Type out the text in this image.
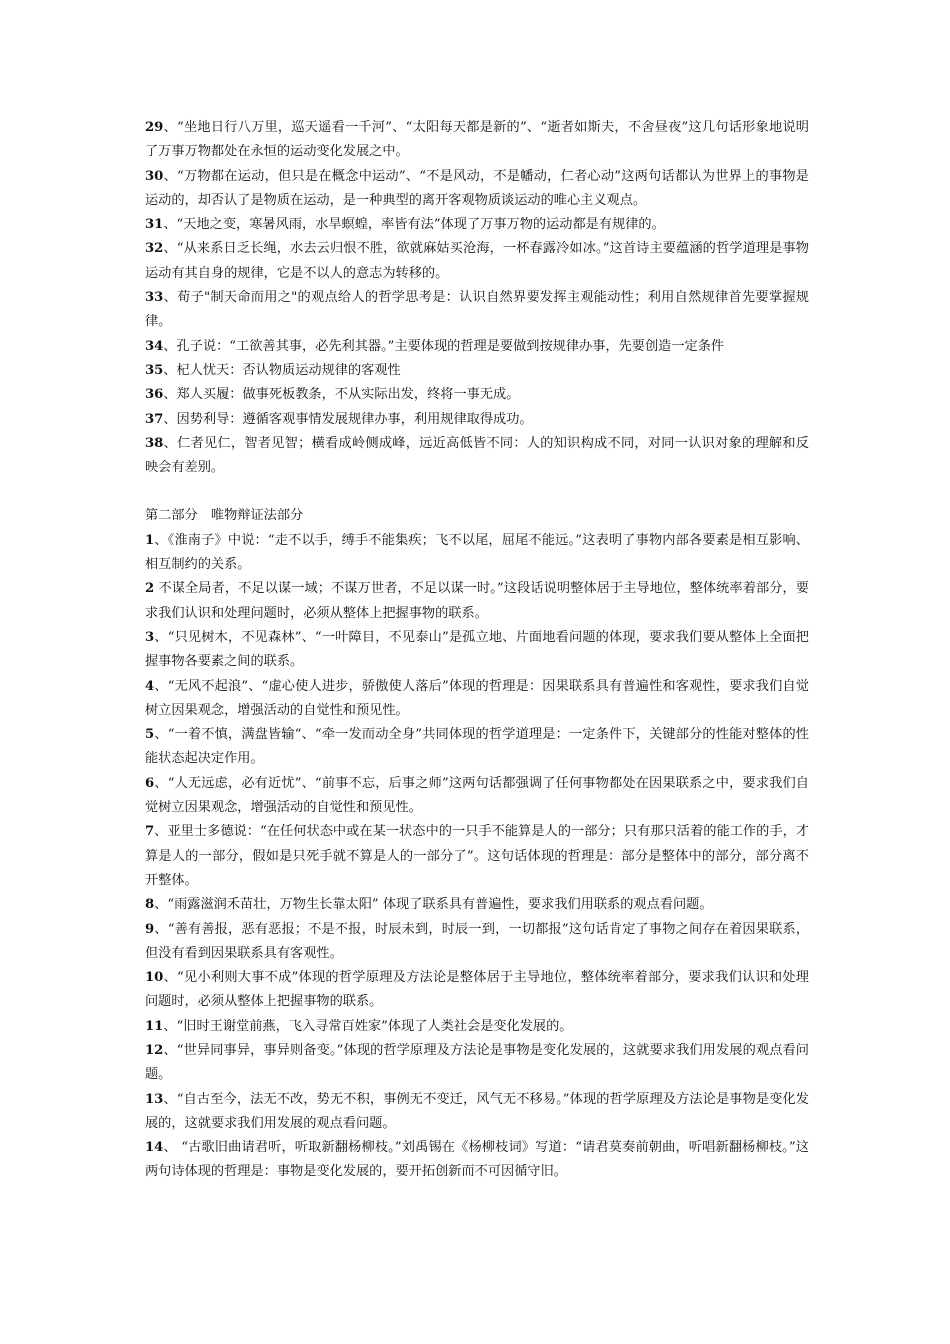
29、“坐地日行八万里，巡天遥看一千河”、“太阳每天都是新的”、“逝者如斯夫，不舍昼夜”这几句话形象地说明了万事万物都处在永恒的运动变化发展之中。

30、“万物都在运动，但只是在概念中运动”、“不是风动，不是幡动，仁者心动”这两句话都认为世界上的事物是运动的，却否认了是物质在运动，是一种典型的离开客观物质谈运动的唯心主义观点。

31、“天地之变，寒暑风雨，水旱螟蝗，率皆有法”体现了万事万物的运动都是有规律的。

32、“从来系日乏长绳，水去云归恨不胜，欲就麻姑买沧海，一杯春露冷如冰。”这首诗主要蕴涵的哲学道理是事物运动有其自身的规律，它是不以人的意志为转移的。

33、荀子"制天命而用之"的观点给人的哲学思考是：认识自然界要发挥主观能动性；利用自然规律首先要掌握规律。

34、孔子说：“工欲善其事，必先利其器。”主要体现的哲理是要做到按规律办事，先要创造一定条件

35、杞人忧天：否认物质运动规律的客观性

36、郑人买履：做事死板教条，不从实际出发，终将一事无成。

37、因势利导：遵循客观事情发展规律办事，利用规律取得成功。

38、仁者见仁，智者见智；横看成岭侧成峰，远近高低皆不同：人的知识构成不同，对同一认识对象的理解和反映会有差别。

第二部分　唯物辩证法部分

1、《淮南子》中说：“走不以手，缚手不能集疾；飞不以尾，屈尾不能远。”这表明了事物内部各要素是相互影响、相互制约的关系。

2 不谋全局者，不足以谋一域；不谋万世者，不足以谋一时。”这段话说明整体居于主导地位，整体统率着部分，要求我们认识和处理问题时，必须从整体上把握事物的联系。

3、“只见树木，不见森林”、“一叶障目，不见泰山”是孤立地、片面地看问题的体现，要求我们要从整体上全面把握事物各要素之间的联系。

4、“无风不起浪”、“虚心使人进步，骄傲使人落后”体现的哲理是：因果联系具有普遍性和客观性，要求我们自觉树立因果观念，增强活动的自觉性和预见性。

5、“一着不慎，满盘皆输“、“牵一发而动全身”共同体现的哲学道理是：一定条件下，关键部分的性能对整体的性能状态起决定作用。

6、“人无远虑，必有近忧”、“前事不忘，后事之师”这两句话都强调了任何事物都处在因果联系之中，要求我们自觉树立因果观念，增强活动的自觉性和预见性。

7、亚里士多德说：“在任何状态中或在某一状态中的一只手不能算是人的一部分；只有那只活着的能工作的手，才算是人的一部分，假如是只死手就不算是人的一部分了”。这句话体现的哲理是：部分是整体中的部分，部分离不开整体。

8、“雨露滋润禾苗壮，万物生长靠太阳” 体现了联系具有普遍性，要求我们用联系的观点看问题。

9、“善有善报，恶有恶报；不是不报，时辰未到，时辰一到，一切都报”这句话肯定了事物之间存在着因果联系，但没有看到因果联系具有客观性。

10、“见小利则大事不成”体现的哲学原理及方法论是整体居于主导地位，整体统率着部分，要求我们认识和处理问题时，必须从整体上把握事物的联系。

11、“旧时王谢堂前燕，飞入寻常百姓家”体现了人类社会是变化发展的。

12、“世异同事异，事异则备变。”体现的哲学原理及方法论是事物是变化发展的，这就要求我们用发展的观点看问题。

13、“自古至今，法无不改，势无不积，事例无不变迁，风气无不移易。”体现的哲学原理及方法论是事物是变化发展的，这就要求我们用发展的观点看问题。

14、 “古歌旧曲请君听，听取新翻杨柳枝。”刘禹锡在《杨柳枝词》写道：“请君莫奏前朝曲，听唱新翻杨柳枝。”这两句诗体现的哲理是：事物是变化发展的，要开拓创新而不可因循守旧。
